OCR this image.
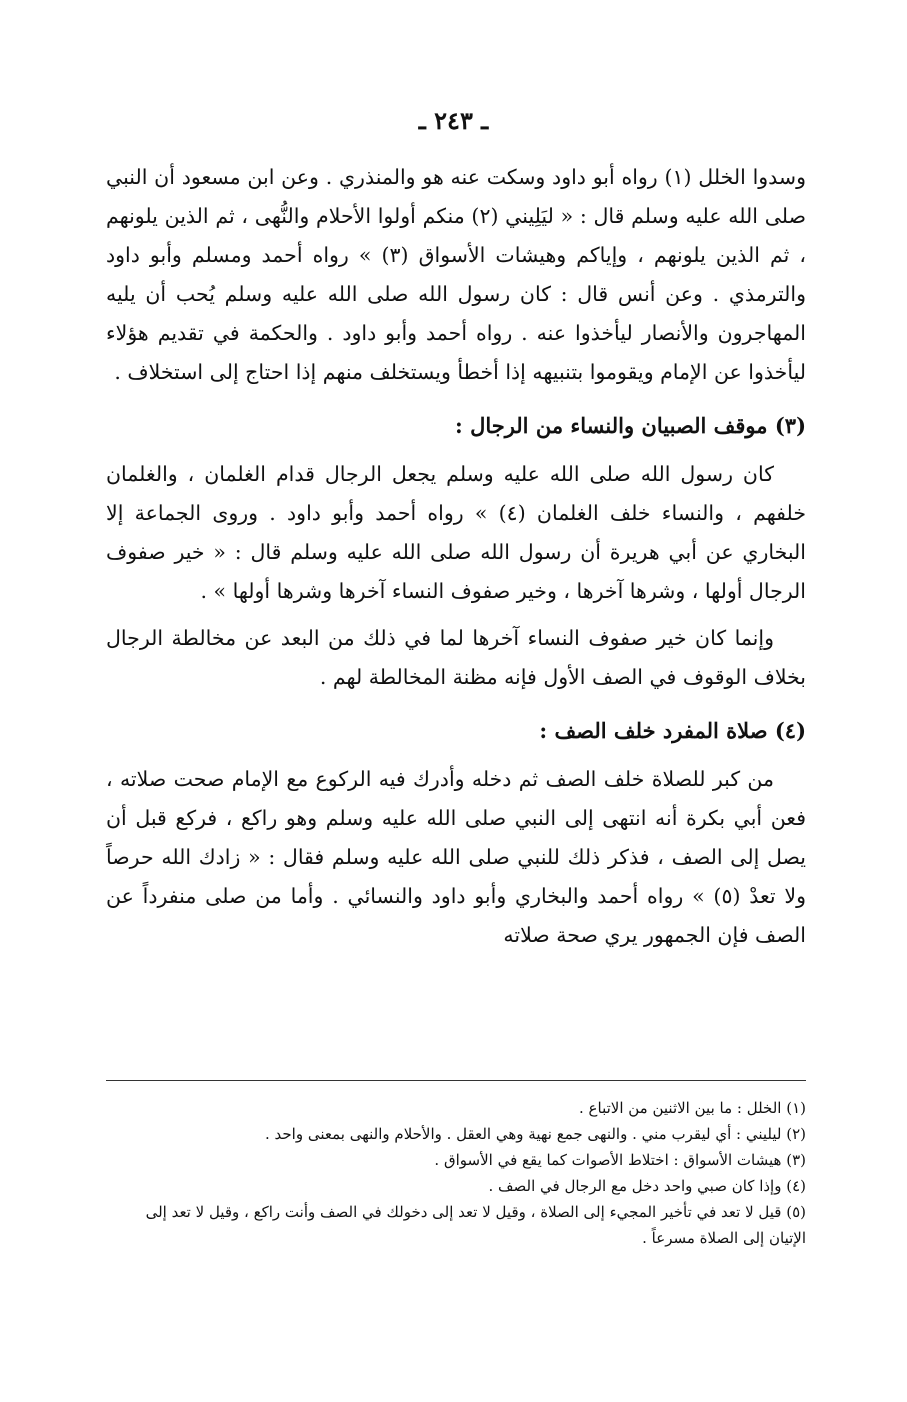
ـ ٢٤٣ ـ

وسدوا الخلل (١) رواه أبو داود وسكت عنه هو والمنذري . وعن ابن مسعود أن النبي صلى الله عليه وسلم قال : « ليَلِيني (٢) منكم أولوا الأحلام والنُّهى ، ثم الذين يلونهم ، ثم الذين يلونهم ، وإياكم وهيشات الأسواق (٣) » رواه أحمد ومسلم وأبو داود والترمذي . وعن أنس قال : كان رسول الله صلى الله عليه وسلم يُحب أن يليه المهاجرون والأنصار ليأخذوا عنه . رواه أحمد وأبو داود . والحكمة في تقديم هؤلاء ليأخذوا عن الإمام ويقوموا بتنبيهه إذا أخطأ ويستخلف منهم إذا احتاج إلى استخلاف .

(٣) موقف الصبيان والنساء من الرجال :

كان رسول الله صلى الله عليه وسلم يجعل الرجال قدام الغلمان ، والغلمان خلفهم ، والنساء خلف الغلمان (٤) » رواه أحمد وأبو داود . وروى الجماعة إلا البخاري عن أبي هريرة أن رسول الله صلى الله عليه وسلم قال : « خير صفوف الرجال أولها ، وشرها آخرها ، وخير صفوف النساء آخرها وشرها أولها » .

وإنما كان خير صفوف النساء آخرها لما في ذلك من البعد عن مخالطة الرجال بخلاف الوقوف في الصف الأول فإنه مظنة المخالطة لهم .

(٤) صلاة المفرد خلف الصف :

من كبر للصلاة خلف الصف ثم دخله وأدرك فيه الركوع مع الإمام صحت صلاته ، فعن أبي بكرة أنه انتهى إلى النبي صلى الله عليه وسلم وهو راكع ، فركع قبل أن يصل إلى الصف ، فذكر ذلك للنبي صلى الله عليه وسلم فقال : « زادك الله حرصاً ولا تعدْ (٥) » رواه أحمد والبخاري وأبو داود والنسائي . وأما من صلى منفرداً عن الصف فإن الجمهور يري صحة صلاته

(١) الخلل : ما بين الاثنين من الاتباع .

(٢) ليليني : أي ليقرب مني . والنهى جمع نهية وهي العقل . والأحلام والنهى بمعنى واحد .

(٣) هيشات الأسواق : اختلاط الأصوات كما يقع في الأسواق .

(٤) وإذا كان صبي واحد دخل مع الرجال في الصف .

(٥) قيل لا تعد في تأخير المجيء إلى الصلاة ، وقيل لا تعد إلى دخولك في الصف وأنت راكع ، وقيل لا تعد إلى الإتيان إلى الصلاة مسرعاً .
